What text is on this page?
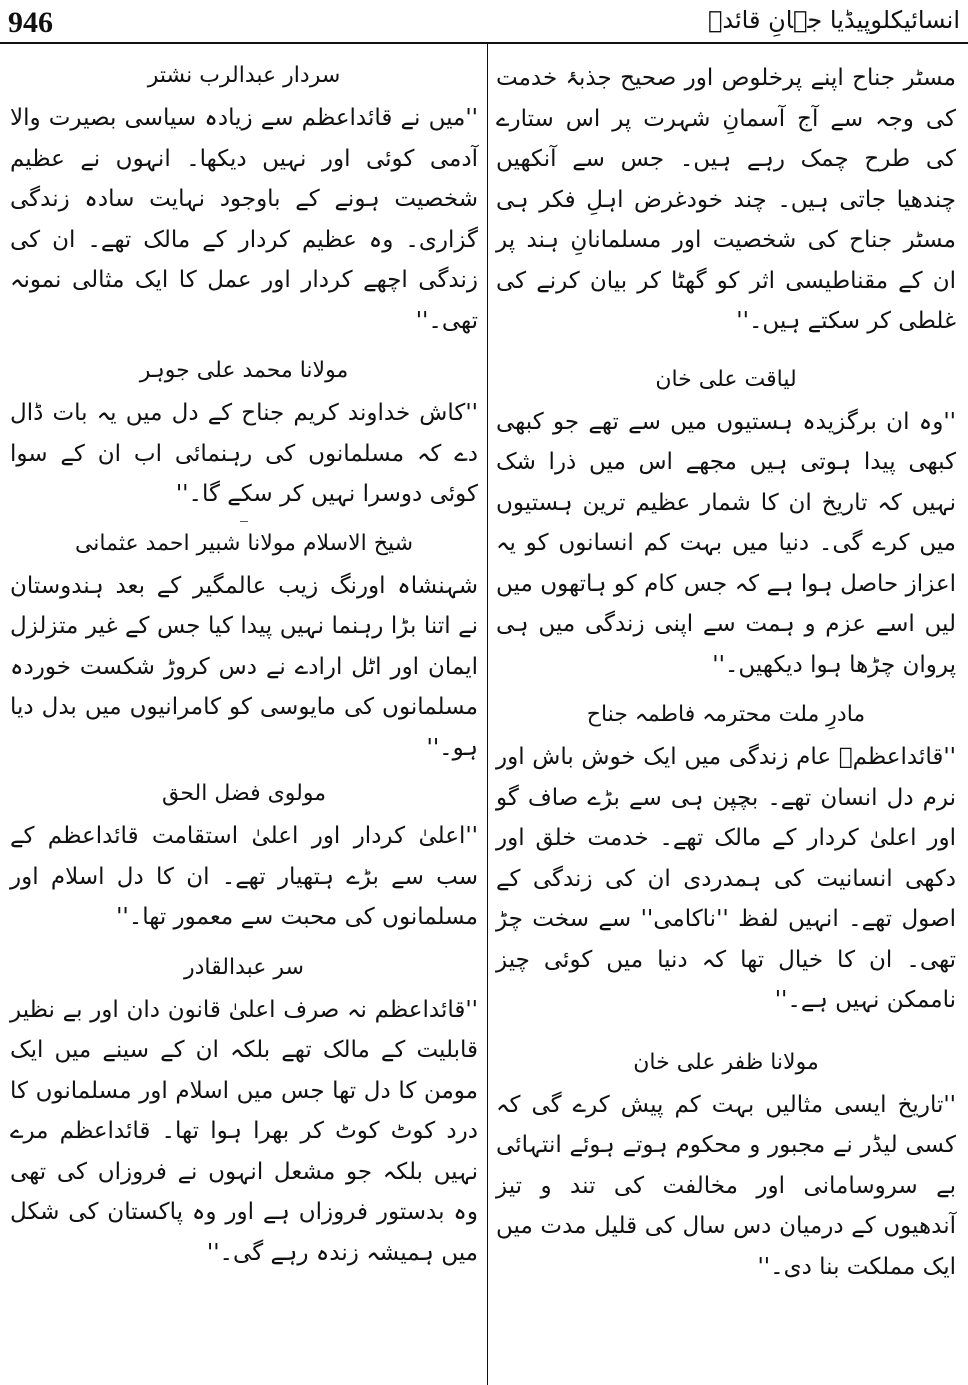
946	انسائیکلوپیڈیا جہانِ قائدؒ

مسٹر جناح اپنے پرخلوص اور صحیح جذبۂ خدمت کی وجہ سے آج آسمانِ شہرت پر اس ستارے کی طرح چمک رہے ہیں۔ جس سے آنکھیں چندھیا جاتی ہیں۔ چند خودغرض اہلِ فکر ہی مسٹر جناح کی شخصیت اور مسلمانانِ ہند پر ان کے مقناطیسی اثر کو گھٹا کر بیان کرنے کی غلطی کر سکتے ہیں۔''

لیاقت علی خان

''وہ ان برگزیدہ ہستیوں میں سے تھے جو کبھی کبھی پیدا ہوتی ہیں مجھے اس میں ذرا شک نہیں کہ تاریخ ان کا شمار عظیم ترین ہستیوں میں کرے گی۔ دنیا میں بہت کم انسانوں کو یہ اعزاز حاصل ہوا ہے کہ جس کام کو ہاتھوں میں لیں اسے عزم و ہمت سے اپنی زندگی میں ہی پروان چڑھا ہوا دیکھیں۔''

مادرِ ملت محترمہ فاطمہ جناح

''قائداعظمؒ عام زندگی میں ایک خوش باش اور نرم دل انسان تھے۔ بچپن ہی سے بڑے صاف گو اور اعلیٰ کردار کے مالک تھے۔ خدمت خلق اور دکھی انسانیت کی ہمدردی ان کی زندگی کے اصول تھے۔ انہیں لفظ ''ناکامی'' سے سخت چڑ تھی۔ ان کا خیال تھا کہ دنیا میں کوئی چیز ناممکن نہیں ہے۔''

مولانا ظفر علی خان

''تاریخ ایسی مثالیں بہت کم پیش کرے گی کہ کسی لیڈر نے مجبور و محکوم ہوتے ہوئے انتہائی بے سروسامانی اور مخالفت کی تند و تیز آندھیوں کے درمیان دس سال کی قلیل مدت میں ایک مملکت بنا دی۔''

سردار عبدالرب نشتر

''میں نے قائداعظم سے زیادہ سیاسی بصیرت والا آدمی کوئی اور نہیں دیکھا۔ انہوں نے عظیم شخصیت ہونے کے باوجود نہایت سادہ زندگی گزاری۔ وہ عظیم کردار کے مالک تھے۔ ان کی زندگی اچھے کردار اور عمل کا ایک مثالی نمونہ تھی۔''

مولانا محمد علی جوہر

''کاش خداوند کریم جناح کے دل میں یہ بات ڈال دے کہ مسلمانوں کی رہنمائی اب ان کے سوا کوئی دوسرا نہیں کر سکے گا۔''

شیخ الاسلام مولانا شبیر احمد عثمانی

شہنشاہ اورنگ زیب عالمگیر کے بعد ہندوستان نے اتنا بڑا رہنما نہیں پیدا کیا جس کے غیر متزلزل ایمان اور اٹل ارادے نے دس کروڑ شکست خوردہ مسلمانوں کی مایوسی کو کامرانیوں میں بدل دیا ہو۔''

مولوی فضل الحق

''اعلیٰ کردار اور اعلیٰ استقامت قائداعظم کے سب سے بڑے ہتھیار تھے۔ ان کا دل اسلام اور مسلمانوں کی محبت سے معمور تھا۔''

سر عبدالقادر

''قائداعظم نہ صرف اعلیٰ قانون دان اور بے نظیر قابلیت کے مالک تھے بلکہ ان کے سینے میں ایک مومن کا دل تھا جس میں اسلام اور مسلمانوں کا درد کوٹ کوٹ کر بھرا ہوا تھا۔ قائداعظم مرے نہیں بلکہ جو مشعل انہوں نے فروزاں کی تھی وہ بدستور فروزاں ہے اور وہ پاکستان کی شکل میں ہمیشہ زندہ رہے گی۔''
